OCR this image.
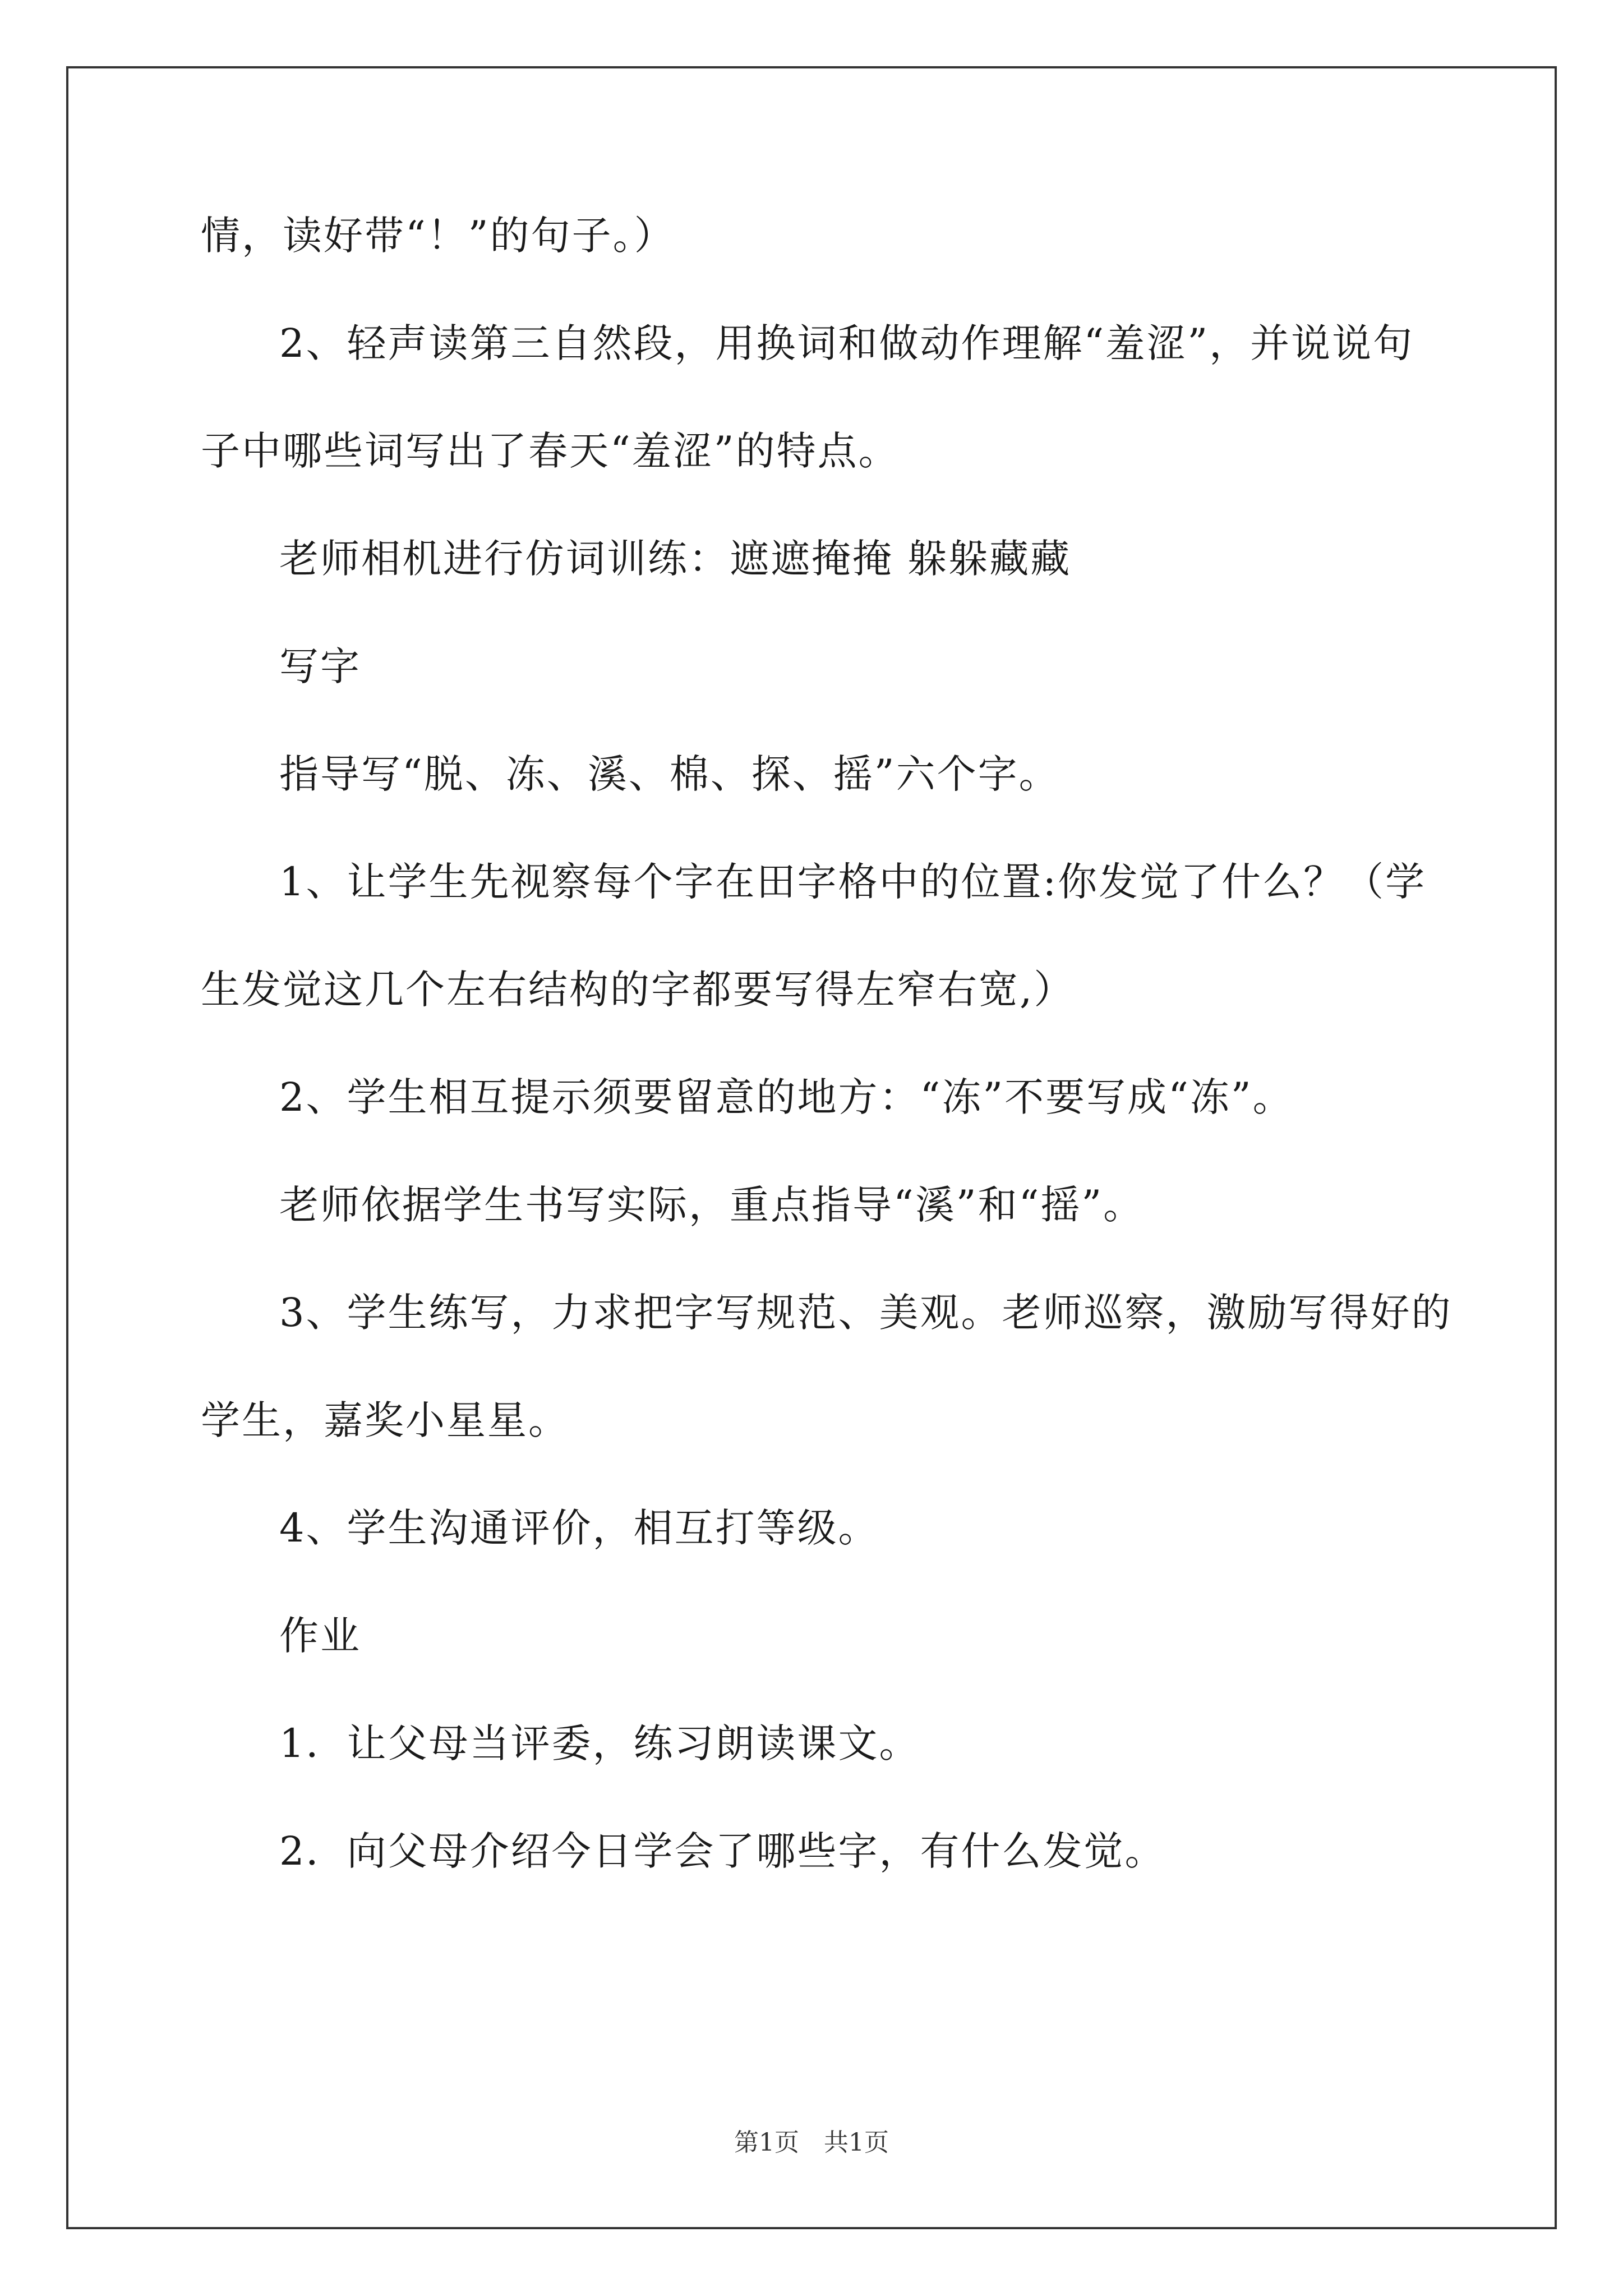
情，读好带“！”的句子。）
2、轻声读第三自然段，用换词和做动作理解“羞涩”，并说说句
子中哪些词写出了春天“羞涩”的特点。
老师相机进行仿词训练：遮遮掩掩 躲躲藏藏
写字
指导写“脱、冻、溪、棉、探、摇”六个字。
1、让学生先视察每个字在田字格中的位置:你发觉了什么？（学
生发觉这几个左右结构的字都要写得左窄右宽,）
2、学生相互提示须要留意的地方：“冻”不要写成“冻”。
老师依据学生书写实际，重点指导“溪”和“摇”。
3、学生练写，力求把字写规范、美观。老师巡察，激励写得好的
学生，嘉奖小星星。
4、学生沟通评价，相互打等级。
作业
1．让父母当评委，练习朗读课文。
2．向父母介绍今日学会了哪些字，有什么发觉。
第1页　共1页
